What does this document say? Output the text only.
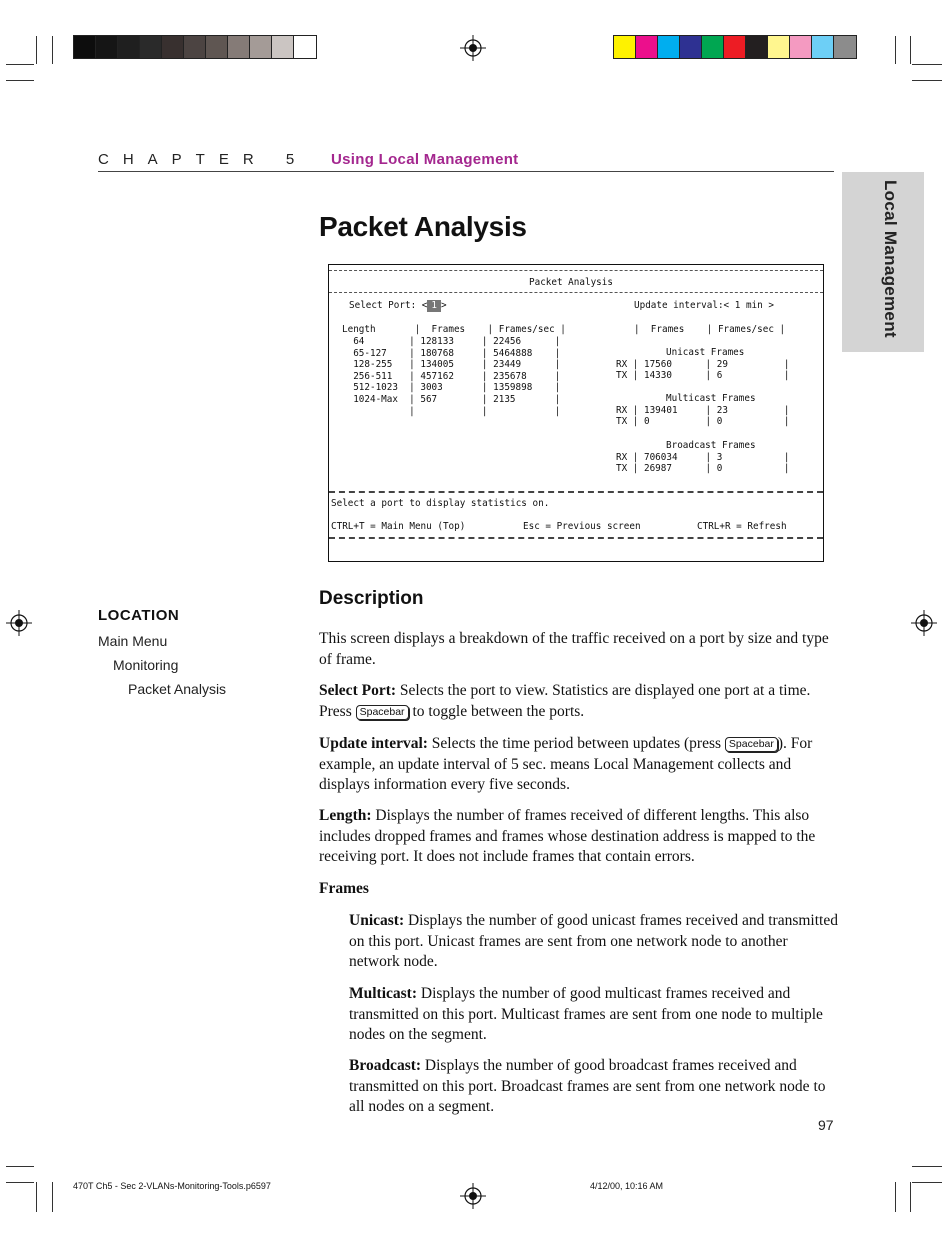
CHAPTER 5 Using Local Management
Local Management
Packet Analysis
Packet Analysis
Select Port: < 1 >	Update interval:< 1 min >
Length       |  Frames    | Frames/sec |
64        | 128133     | 22456      |
65-127    | 180768     | 5464888    |
128-255   | 134005     | 23449      |
256-511   | 457162     | 235678     |
512-1023  | 3003       | 1359898    |
1024-Max  | 567        | 2135       |
|            |            |
|  Frames    | Frames/sec |
Unicast Frames
RX | 17560      | 29          |
TX | 14330      | 6           |
Multicast Frames
RX | 139401     | 23          |
TX | 0          | 0           |
Broadcast Frames
RX | 706034     | 3           |
TX | 26987      | 0           |
Select a port to display statistics on.
CTRL+T = Main Menu (Top)	Esc = Previous screen	CTRL+R = Refresh
LOCATION
Main Menu
Monitoring
Packet Analysis
Description
This screen displays a breakdown of the traffic received on a port by size and type of frame.
Select Port: Selects the port to view. Statistics are displayed one port at a time. Press Spacebar to toggle between the ports.
Update interval: Selects the time period between updates (press Spacebar ). For example, an update interval of 5 sec. means Local Management collects and displays information every five seconds.
Length: Displays the number of frames received of different lengths. This also includes dropped frames and frames whose destination address is mapped to the receiving port. It does not include frames that contain errors.
Frames
Unicast: Displays the number of good unicast frames received and transmitted on this port. Unicast frames are sent from one network node to another network node.
Multicast: Displays the number of good multicast frames received and transmitted on this port. Multicast frames are sent from one node to multiple nodes on the segment.
Broadcast: Displays the number of good broadcast frames received and transmitted on this port. Broadcast frames are sent from one network node to all nodes on a segment.
97
470T Ch5 - Sec 2-VLANs-Monitoring-Tools.p6597	4/12/00, 10:16 AM
